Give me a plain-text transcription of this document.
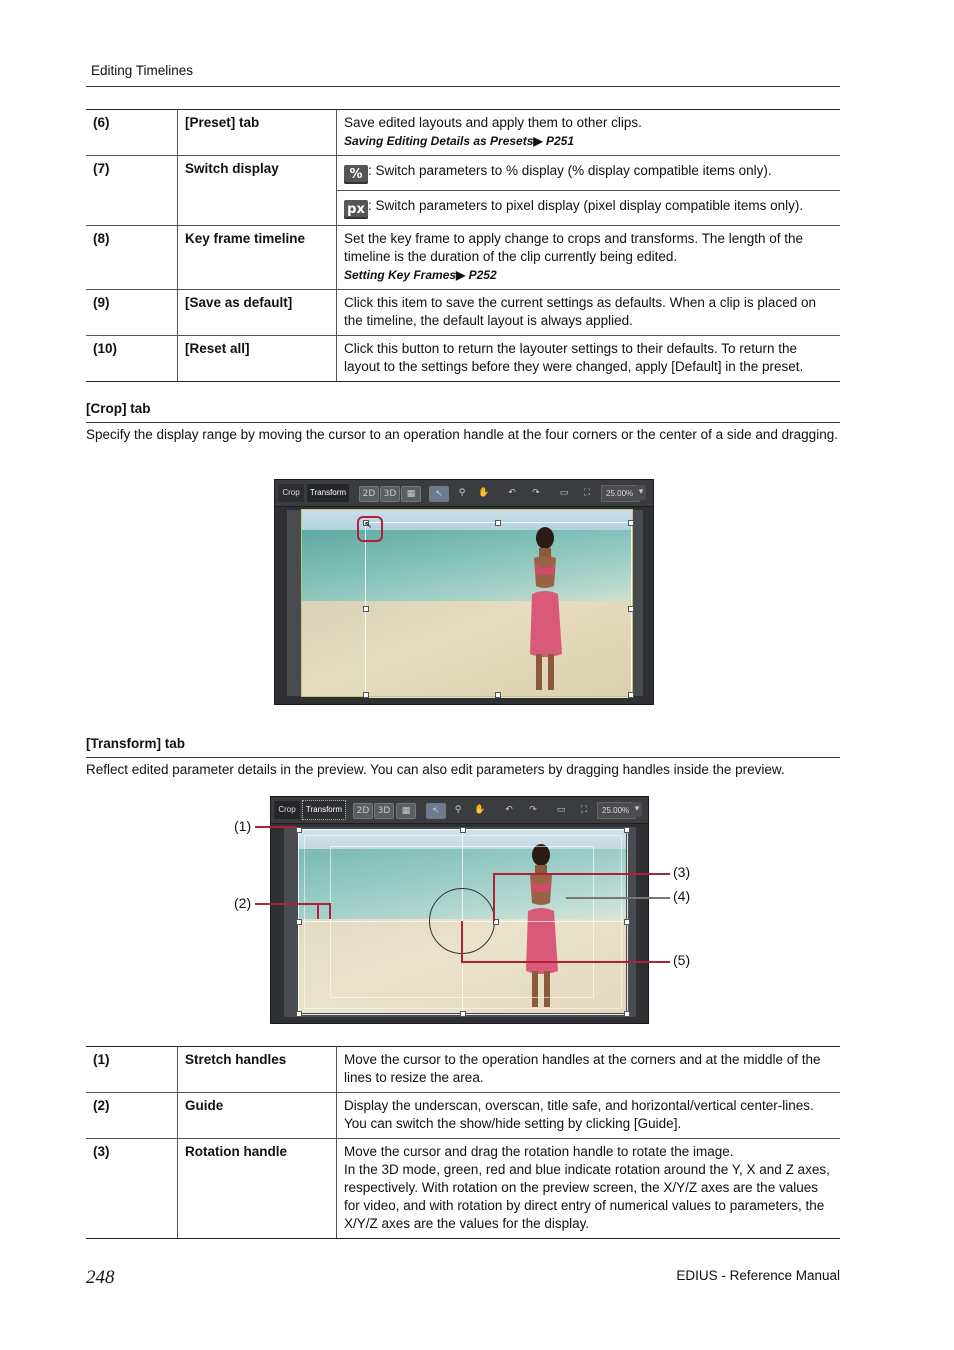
Editing Timelines
(6)	[Preset] tab	Save edited layouts and apply them to other clips.
Saving Editing Details as Presets▶ P251

(7)	Switch display	% : Switch parameters to % display (% display compatible items only).
		px : Switch parameters to pixel display (pixel display compatible items only).
(8)	Key frame timeline	Set the key frame to apply change to crops and transforms. The length of the timeline is the duration of the clip currently being edited.
Setting Key Frames▶ P252

(9)	[Save as default]	Click this item to save the current settings as defaults. When a clip is placed on the timeline, the default layout is always applied.
(10)	[Reset all]	Click this button to return the layouter settings to their defaults. To return the layout to the settings before they were changed, apply [Default] in the preset.
[Crop] tab
Specify the display range by moving the cursor to an operation handle at the four corners or the center of a side and dragging.
Crop	Transform	2D 3D	▦	↖	⚲	✋	↶	↷	▭	⛶	25.00% ▾
↖
[Transform] tab
Reflect edited parameter details in the preview. You can also edit parameters by dragging handles inside the preview.
Crop	Transform	2D 3D	▦	↖	⚲	✋	↶	↷	▭	⛶	25.00% ▾
(1)
(2)
(3)
(4)
(5)
(1)	Stretch handles	Move the cursor to the operation handles at the corners and at the middle of the lines to resize the area.
(2)	Guide	Display the underscan, overscan, title safe, and horizontal/vertical center-lines. You can switch the show/hide setting by clicking [Guide].
(3)	Rotation handle	Move the cursor and drag the rotation handle to rotate the image.
In the 3D mode, green, red and blue indicate rotation around the Y, X and Z axes, respectively. With rotation on the preview screen, the X/Y/Z axes are the values for video, and with rotation by direct entry of numerical values to parameters, the X/Y/Z axes are the values for the display.
248	EDIUS - Reference Manual
